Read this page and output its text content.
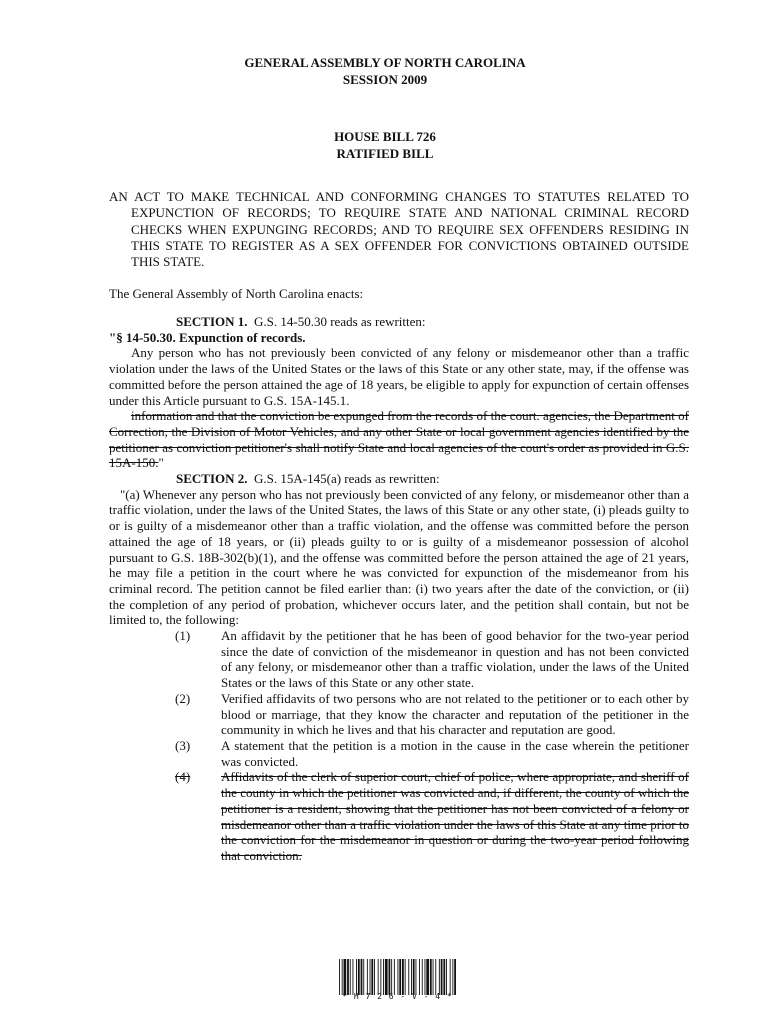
GENERAL ASSEMBLY OF NORTH CAROLINA
SESSION 2009
HOUSE BILL 726
RATIFIED BILL
AN ACT TO MAKE TECHNICAL AND CONFORMING CHANGES TO STATUTES RELATED TO EXPUNCTION OF RECORDS; TO REQUIRE STATE AND NATIONAL CRIMINAL RECORD CHECKS WHEN EXPUNGING RECORDS; AND TO REQUIRE SEX OFFENDERS RESIDING IN THIS STATE TO REGISTER AS A SEX OFFENDER FOR CONVICTIONS OBTAINED OUTSIDE THIS STATE.
The General Assembly of North Carolina enacts:

SECTION 1. G.S. 14-50.30 reads as rewritten:

"§ 14-50.30. Expunction of records.

Any person who has not previously been convicted of any felony or misdemeanor other than a traffic violation under the laws of the United States or the laws of this State or any other state, may, if the offense was committed before the person attained the age of 18 years, be eligible to apply for expunction of certain offenses under this Article pursuant to G.S. 15A-145.1.

information and that the conviction be expunged from the records of the court. agencies, the Department of Correction, the Division of Motor Vehicles, and any other State or local government agencies identified by the petitioner as conviction petitioner's shall notify State and local agencies of the court's order as provided in G.S. 15A-150."

SECTION 2. G.S. 15A-145(a) reads as rewritten:

"(a) Whenever any person who has not previously been convicted of any felony, or misdemeanor other than a traffic violation, under the laws of the United States, the laws of this State or any other state, (i) pleads guilty to or is guilty of a misdemeanor other than a traffic violation, and the offense was committed before the person attained the age of 18 years, or (ii) pleads guilty to or is guilty of a misdemeanor possession of alcohol pursuant to G.S. 18B-302(b)(1), and the offense was committed before the person attained the age of 21 years, he may file a petition in the court where he was convicted for expunction of the misdemeanor from his criminal record. The petition cannot be filed earlier than: (i) two years after the date of the conviction, or (ii) the completion of any period of probation, whichever occurs later, and the petition shall contain, but not be limited to, the following:

(1)	An affidavit by the petitioner that he has been of good behavior for the two-year period since the date of conviction of the misdemeanor in question and has not been convicted of any felony, or misdemeanor other than a traffic violation, under the laws of the United States or the laws of this State or any other state.
(2)	Verified affidavits of two persons who are not related to the petitioner or to each other by blood or marriage, that they know the character and reputation of the petitioner in the community in which he lives and that his character and reputation are good.
(3)	A statement that the petition is a motion in the cause in the case wherein the petitioner was convicted.
(4)	Affidavits of the clerk of superior court, chief of police, where appropriate, and sheriff of the county in which the petitioner was convicted and, if different, the county of which the petitioner is a resident, showing that the petitioner has not been convicted of a felony or misdemeanor other than a traffic violation under the laws of this State at any time prior to the conviction for the misdemeanor in question or during the two-year period following that conviction.
* H 7 2 6 - V - 4 *
